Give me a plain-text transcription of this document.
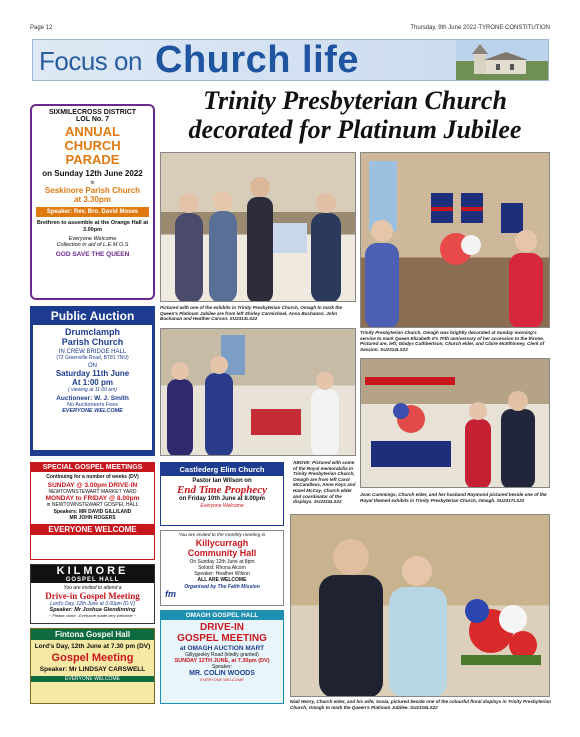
Page 12	Thursday, 9th June 2022-TYRONE CONSTITUTION
Focus on Church life
Trinity Presbyterian Church
decorated for Platinum Jubilee
Pictured with one of the exhibits in Trinity Presbyterian Church, Omagh to mark the Queen's Platinum Jubilee are from left Shirley Carmichael, Anna Buchanan, John Buchanan and Heather Carson. SU2313LS22
Trinity Presbyterian Church, Omagh was brightly decorated at Sunday morning's service to mark Queen Elizabeth II's 70th anniversary of her accession to the throne. Pictured are, left, Gladys Cuthbertson, Church elder, and Claire McElhinney, Clerk of Session. SU2314LS22
ABOVE: Pictured with some of the Royal memorabilia in Trinity Presbyterian Church, Omagh are from left Carol McCandless, Anne Keys and Hazel McCay, Church elder and coordinator of the displays. SU2315LS22
Joan Cummings, Church elder, and her husband Raymond pictured beside one of the Royal themed exhibits in Trinity Presbyterian Church, Omagh. SU2317LS22
Niall Henry, Church elder, and his wife, Sonia, pictured beside one of the colourful floral displays in Trinity Presbyterian Church, Omagh to mark the Queen's Platinum Jubilee. SU2316LS22
SIXMILECROSS DISTRICT
LOL No. 7
ANNUAL
CHURCH PARADE
on Sunday 12th June 2022
in
Seskinore Parish Church
at 3.30pm
Speaker: Rev. Bro. David Moses
Brethren to assemble at the Orange Hall at 3.00pm
Everyone Welcome
Collection in aid of L.E.M.O.S
GOD SAVE THE QUEEN
Public Auction
Drumclamph
Parish Church
IN CREW BRIDGE HALL
(72 Greenville Road, BT81 7NU)
ON
Saturday 11th June
At 1:00 pm
( viewing at 11:00 am)
Auctioneer: W. J. Smith
No Auctioneers Fees
EVERYONE WELCOME
SPECIAL GOSPEL MEETINGS
Continuing for a number of weeks (DV)
SUNDAY @ 3.00pm DRIVE-IN
NEWTOWNSTEWART MARKET YARD
MONDAY to FRIDAY @ 8.00pm
in NEWTOWNSTEWART GOSPEL HALL
Speakers: MR DAVID GILLILAND
MR JOHN ROGERS
EVERYONE WELCOME
KILMORE
GOSPEL HALL
You are invited to attend a
Drive-in Gospel Meeting
Lord's Day, 12th June at 3.00pm (D.V)
Speaker: Mr Joshua Glendinning
~ Please come - Everyone made very welcome ~
Fintona Gospel Hall
Lord's Day, 12th June at 7.30 pm (DV)
Gospel Meeting
Speaker: Mr LINDSAY CARSWELL
EVERYONE WELCOME
Castlederg Elim Church
Pastor Ian Wilson on
End Time Prophecy
on Friday 10th June at 8.00pm
Everyone Welcome
You are invited to the monthly meeting in
Killycurragh
Community Hall
On Sunday 12th June at 8pm
Soloist: Rhona Alcorn
Speaker: Heather Wilson
ALL ARE WELCOME
Organised by The Faith Mission
fm
OMAGH GOSPEL HALL
DRIVE-IN
GOSPEL MEETING
at OMAGH AUCTION MART
Gillygooley Road (kindly granted)
SUNDAY 12TH JUNE, at 7.30pm (DV)
Speaker:
MR. COLIN WOODS
EVERYONE WELCOME
